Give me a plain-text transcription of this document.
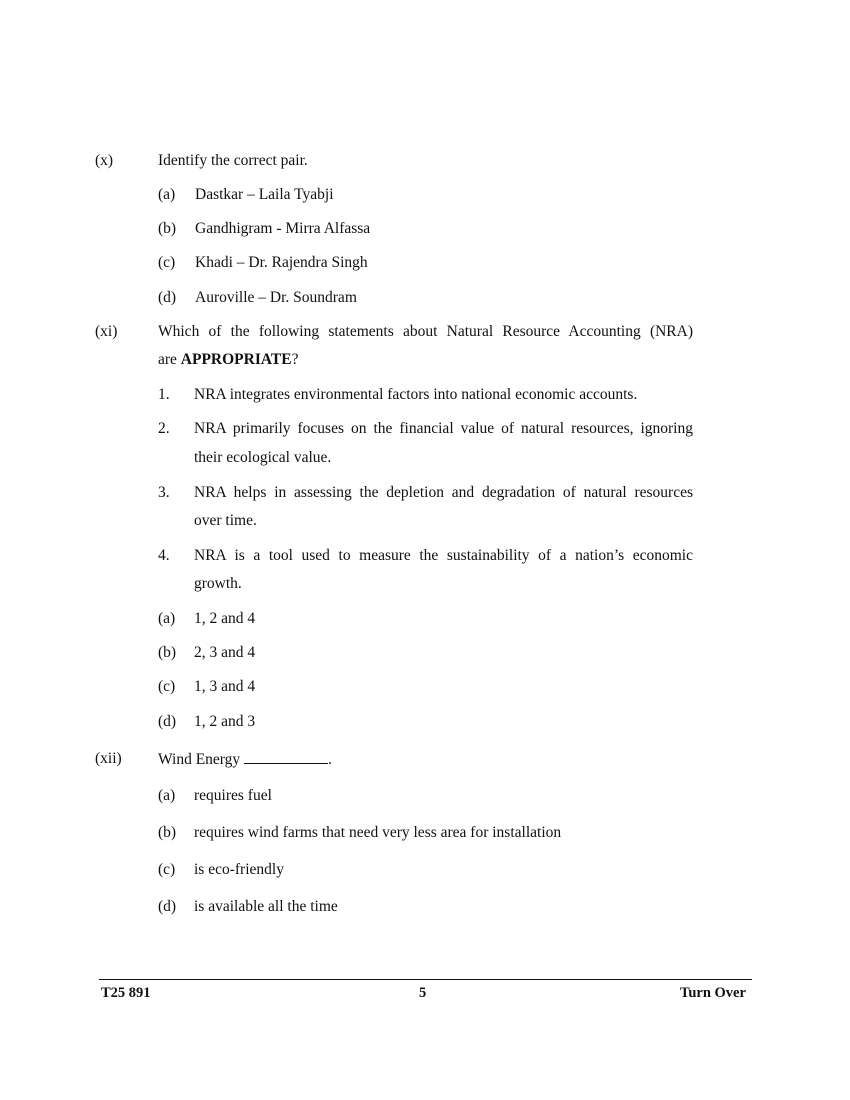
(x)	Identify the correct pair.
(a) Dastkar – Laila Tyabji
(b) Gandhigram - Mirra Alfassa
(c) Khadi – Dr. Rajendra Singh
(d) Auroville – Dr. Soundram
(xi)	Which of the following statements about Natural Resource Accounting (NRA)
are APPROPRIATE?
1. NRA integrates environmental factors into national economic accounts.
2. NRA primarily focuses on the financial value of natural resources, ignoring
their ecological value.
3. NRA helps in assessing the depletion and degradation of natural resources
over time.
4. NRA is a tool used to measure the sustainability of a nation’s economic
growth.
(a) 1, 2 and 4
(b) 2, 3 and 4
(c) 1, 3 and 4
(d) 1, 2 and 3
(xii) Wind Energy	.
(a) requires fuel
(b) requires wind farms that need very less area for installation
(c) is eco-friendly
(d) is available all the time
T25 891	5	Turn Over
